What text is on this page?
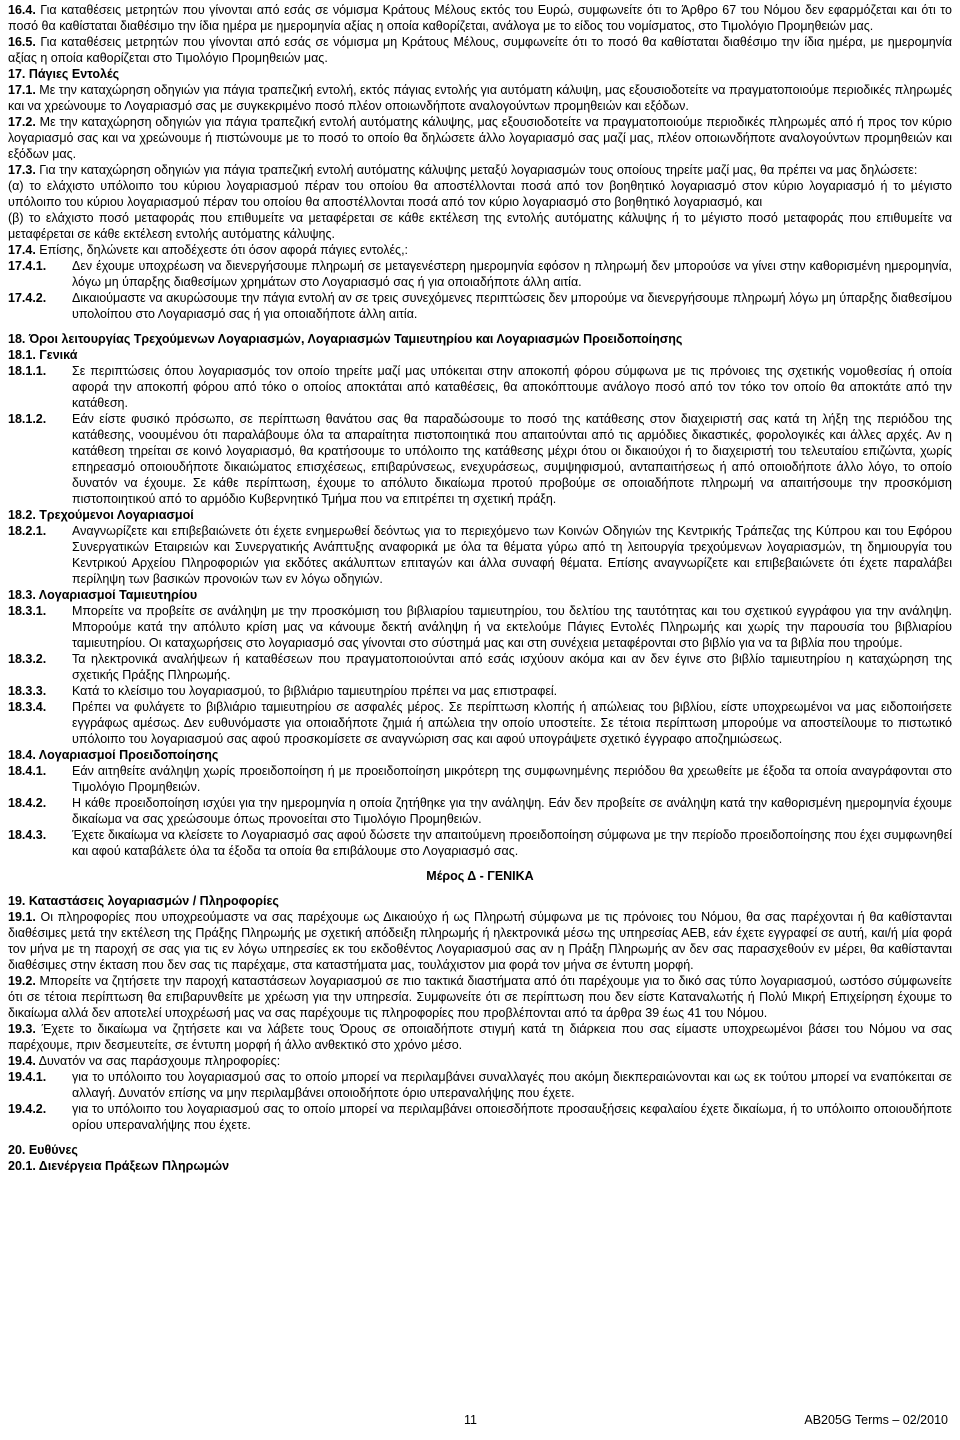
16.4. Για καταθέσεις μετρητών που γίνονται από εσάς σε νόμισμα Κράτους Μέλους εκτός του Ευρώ, συμφωνείτε ότι το Άρθρο 67 του Νόμου δεν εφαρμόζεται και ότι το ποσό θα καθίσταται διαθέσιμο την ίδια ημέρα με ημερομηνία αξίας η οποία καθορίζεται, ανάλογα με το είδος του νομίσματος, στο Τιμολόγιο Προμηθειών μας.

16.5. Για καταθέσεις μετρητών που γίνονται από εσάς σε νόμισμα μη Κράτους Μέλους, συμφωνείτε ότι το ποσό θα καθίσταται διαθέσιμο την ίδια ημέρα, με ημερομηνία αξίας η οποία καθορίζεται στο Τιμολόγιο Προμηθειών μας.

17. Πάγιες Εντολές

17.1. Με την καταχώρηση οδηγιών για πάγια τραπεζική εντολή, εκτός πάγιας εντολής για αυτόματη κάλυψη, μας εξουσιοδοτείτε να πραγματοποιούμε περιοδικές πληρωμές και να χρεώνουμε το Λογαριασμό σας με συγκεκριμένο ποσό πλέον οποιωνδήποτε αναλογούντων προμηθειών και εξόδων.

17.2. Με την καταχώρηση οδηγιών για πάγια τραπεζική εντολή αυτόματης κάλυψης, μας εξουσιοδοτείτε να πραγματοποιούμε περιοδικές πληρωμές από ή προς τον κύριο λογαριασμό σας και να χρεώνουμε ή πιστώνουμε με το ποσό το οποίο θα δηλώσετε άλλο λογαριασμό σας μαζί μας, πλέον οποιωνδήποτε αναλογούντων προμηθειών και εξόδων μας.

17.3. Για την καταχώρηση οδηγιών για πάγια τραπεζική εντολή αυτόματης κάλυψης μεταξύ λογαριασμών τους οποίους τηρείτε μαζί μας, θα πρέπει να μας δηλώσετε:

(α) το ελάχιστο υπόλοιπο του κύριου λογαριασμού πέραν του οποίου θα αποστέλλονται ποσά από τον βοηθητικό λογαριασμό στον κύριο λογαριασμό ή το μέγιστο υπόλοιπο του κύριου λογαριασμού πέραν του οποίου θα αποστέλλονται ποσά από τον κύριο λογαριασμό στο βοηθητικό λογαριασμό, και

(β) το ελάχιστο ποσό μεταφοράς που επιθυμείτε να μεταφέρεται σε κάθε εκτέλεση της εντολής αυτόματης κάλυψης ή το μέγιστο ποσό μεταφοράς που επιθυμείτε να μεταφέρεται σε κάθε εκτέλεση εντολής αυτόματης κάλυψης.

17.4. Επίσης, δηλώνετε και αποδέχεστε ότι όσον αφορά πάγιες εντολές,:

17.4.1.	Δεν έχουμε υποχρέωση να διενεργήσουμε πληρωμή σε μεταγενέστερη ημερομηνία εφόσον η πληρωμή δεν μπορούσε να γίνει στην καθορισμένη ημερομηνία, λόγω μη ύπαρξης διαθεσίμων χρημάτων στο Λογαριασμό σας ή για οποιαδήποτε άλλη αιτία.
17.4.2.	Δικαιούμαστε να ακυρώσουμε την πάγια εντολή αν σε τρεις συνεχόμενες περιπτώσεις δεν μπορούμε να διενεργήσουμε πληρωμή λόγω μη ύπαρξης διαθεσίμου υπολοίπου στο Λογαριασμό σας ή για οποιαδήποτε άλλη αιτία.

18. Όροι λειτουργίας Τρεχούμενων Λογαριασμών, Λογαριασμών Ταμιευτηρίου και Λογαριασμών Προειδοποίησης

18.1. Γενικά

18.1.1.	Σε περιπτώσεις όπου λογαριασμός τον οποίο τηρείτε μαζί μας υπόκειται στην αποκοπή φόρου σύμφωνα με τις πρόνοιες της σχετικής νομοθεσίας ή οποία αφορά την αποκοπή φόρου από τόκο ο οποίος αποκτάται από καταθέσεις, θα αποκόπτουμε ανάλογο ποσό από τον τόκο τον οποίο θα αποκτάτε από την κατάθεση.
18.1.2.	Εάν είστε φυσικό πρόσωπο, σε περίπτωση θανάτου σας θα παραδώσουμε το ποσό της κατάθεσης στον διαχειριστή σας κατά τη λήξη της περιόδου της κατάθεσης, νοουμένου ότι παραλάβουμε όλα τα απαραίτητα πιστοποιητικά που απαιτούνται από τις αρμόδιες δικαστικές, φορολογικές και άλλες αρχές. Αν η κατάθεση τηρείται σε κοινό λογαριασμό, θα κρατήσουμε το υπόλοιπο της κατάθεσης μέχρι ότου οι δικαιούχοι ή το διαχειριστή του τελευταίου επιζώντα, χωρίς επηρεασμό οποιουδήποτε δικαιώματος επισχέσεως, επιβαρύνσεως, ενεχυράσεως, συμψηφισμού, ανταπαιτήσεως ή από οποιοδήποτε άλλο λόγο, το οποίο δυνατόν να έχουμε. Σε κάθε περίπτωση, έχουμε το απόλυτο δικαίωμα προτού προβούμε σε οποιαδήποτε πληρωμή να απαιτήσουμε την προσκόμιση πιστοποιητικού από το αρμόδιο Κυβερνητικό Τμήμα που να επιτρέπει τη σχετική πράξη.

18.2. Τρεχούμενοι Λογαριασμοί

18.2.1.	Αναγνωρίζετε και επιβεβαιώνετε ότι έχετε ενημερωθεί δεόντως για το περιεχόμενο των Κοινών Οδηγιών της Κεντρικής Τράπεζας της Κύπρου και του Εφόρου Συνεργατικών Εταιρειών και Συνεργατικής Ανάπτυξης αναφορικά με όλα τα θέματα γύρω από τη λειτουργία τρεχούμενων λογαριασμών, τη δημιουργία του Κεντρικού Αρχείου Πληροφοριών για εκδότες ακάλυπτων επιταγών και άλλα συναφή θέματα. Επίσης αναγνωρίζετε και επιβεβαιώνετε ότι έχετε παραλάβει περίληψη των βασικών προνοιών των εν λόγω οδηγιών.

18.3. Λογαριασμοί Ταμιευτηρίου

18.3.1.	Μπορείτε να προβείτε σε ανάληψη με την προσκόμιση του βιβλιαρίου ταμιευτηρίου, του δελτίου της ταυτότητας και του σχετικού εγγράφου για την ανάληψη. Μπορούμε κατά την απόλυτο κρίση μας να κάνουμε δεκτή ανάληψη ή να εκτελούμε Πάγιες Εντολές Πληρωμής και χωρίς την παρουσία του βιβλιαρίου ταμιευτηρίου. Οι καταχωρήσεις στο λογαριασμό σας γίνονται στο σύστημά μας και στη συνέχεια μεταφέρονται στο βιβλίο για να τα βιβλία που τηρούμε.
18.3.2.	Τα ηλεκτρονικά αναλήψεων ή καταθέσεων που πραγματοποιούνται από εσάς ισχύουν ακόμα και αν δεν έγινε στο βιβλίο ταμιευτηρίου η καταχώρηση της σχετικής Πράξης Πληρωμής.
18.3.3.	Κατά το κλείσιμο του λογαριασμού, το βιβλιάριο ταμιευτηρίου πρέπει να μας επιστραφεί.
18.3.4.	Πρέπει να φυλάγετε το βιβλιάριο ταμιευτηρίου σε ασφαλές μέρος. Σε περίπτωση κλοπής ή απώλειας του βιβλίου, είστε υποχρεωμένοι να μας ειδοποιήσετε εγγράφως αμέσως. Δεν ευθυνόμαστε για οποιαδήποτε ζημιά ή απώλεια την οποίο υποστείτε. Σε τέτοια περίπτωση μπορούμε να αποστείλουμε το πιστωτικό υπόλοιπο του λογαριασμού σας αφού προσκομίσετε σε αναγνώριση σας και αφού υπογράψετε σχετικό έγγραφο αποζημιώσεως.

18.4. Λογαριασμοί Προειδοποίησης

18.4.1.	Εάν αιτηθείτε ανάληψη χωρίς προειδοποίηση ή με προειδοποίηση μικρότερη της συμφωνημένης περιόδου θα χρεωθείτε με έξοδα τα οποία αναγράφονται στο Τιμολόγιο Προμηθειών.
18.4.2.	Η κάθε προειδοποίηση ισχύει για την ημερομηνία η οποία ζητήθηκε για την ανάληψη. Εάν δεν προβείτε σε ανάληψη κατά την καθορισμένη ημερομηνία έχουμε δικαίωμα να σας χρεώσουμε όπως προνοείται στο Τιμολόγιο Προμηθειών.
18.4.3.	Έχετε δικαίωμα να κλείσετε το Λογαριασμό σας αφού δώσετε την απαιτούμενη προειδοποίηση σύμφωνα με την περίοδο προειδοποίησης που έχει συμφωνηθεί και αφού καταβάλετε όλα τα έξοδα τα οποία θα επιβάλουμε στο Λογαριασμό σας.

Μέρος Δ - ΓΕΝΙΚΑ

19. Καταστάσεις λογαριασμών / Πληροφορίες

19.1. Οι πληροφορίες που υποχρεούμαστε να σας παρέχουμε ως Δικαιούχο ή ως Πληρωτή σύμφωνα με τις πρόνοιες του Νόμου, θα σας παρέχονται ή θα καθίστανται διαθέσιμες μετά την εκτέλεση της Πράξης Πληρωμής με σχετική απόδειξη πληρωμής ή ηλεκτρονικά μέσω της υπηρεσίας ΑΕΒ, εάν έχετε εγγραφεί σε αυτή, και/ή μία φορά τον μήνα με τη παροχή σε σας για τις εν λόγω υπηρεσίες εκ του εκδοθέντος Λογαριασμού σας αν η Πράξη Πληρωμής αν δεν σας παρασχεθούν εν μέρει, θα καθίστανται διαθέσιμες στην έκταση που δεν σας τις παρέχαμε, στα καταστήματα μας, τουλάχιστον μια φορά τον μήνα σε έντυπη μορφή.

19.2. Μπορείτε να ζητήσετε την παροχή καταστάσεων λογαριασμού σε πιο τακτικά διαστήματα από ότι παρέχουμε για το δικό σας τύπο λογαριασμού, ωστόσο σύμφωνείτε ότι σε τέτοια περίπτωση θα επιβαρυνθείτε με χρέωση για την υπηρεσία. Συμφωνείτε ότι σε περίπτωση που δεν είστε Καταναλωτής ή Πολύ Μικρή Επιχείρηση έχουμε το δικαίωμα αλλά δεν αποτελεί υποχρέωσή μας να σας παρέχουμε τις πληροφορίες που προβλέπονται από τα άρθρα 39 έως 41 του Νόμου.

19.3. Έχετε το δικαίωμα να ζητήσετε και να λάβετε τους Όρους σε οποιαδήποτε στιγμή κατά τη διάρκεια που σας είμαστε υποχρεωμένοι βάσει του Νόμου να σας παρέχουμε, πριν δεσμευτείτε, σε έντυπη μορφή ή άλλο ανθεκτικό στο χρόνο μέσο.

19.4. Δυνατόν να σας παράσχουμε πληροφορίες:

19.4.1.	για το υπόλοιπο του λογαριασμού σας το οποίο μπορεί να περιλαμβάνει συναλλαγές που ακόμη διεκπεραιώνονται και ως εκ τούτου μπορεί να εναπόκειται σε αλλαγή. Δυνατόν επίσης να μην περιλαμβάνει οποιοδήποτε όριο υπεραναλήψης που έχετε.
19.4.2.	για το υπόλοιπο του λογαριασμού σας το οποίο μπορεί να περιλαμβάνει οποιεσδήποτε προσαυξήσεις κεφαλαίου έχετε δικαίωμα, ή το υπόλοιπο οποιουδήποτε ορίου υπεραναλήψης που έχετε.

20. Ευθύνες

20.1. Διενέργεια Πράξεων Πληρωμών

11	AB205G Terms – 02/2010
